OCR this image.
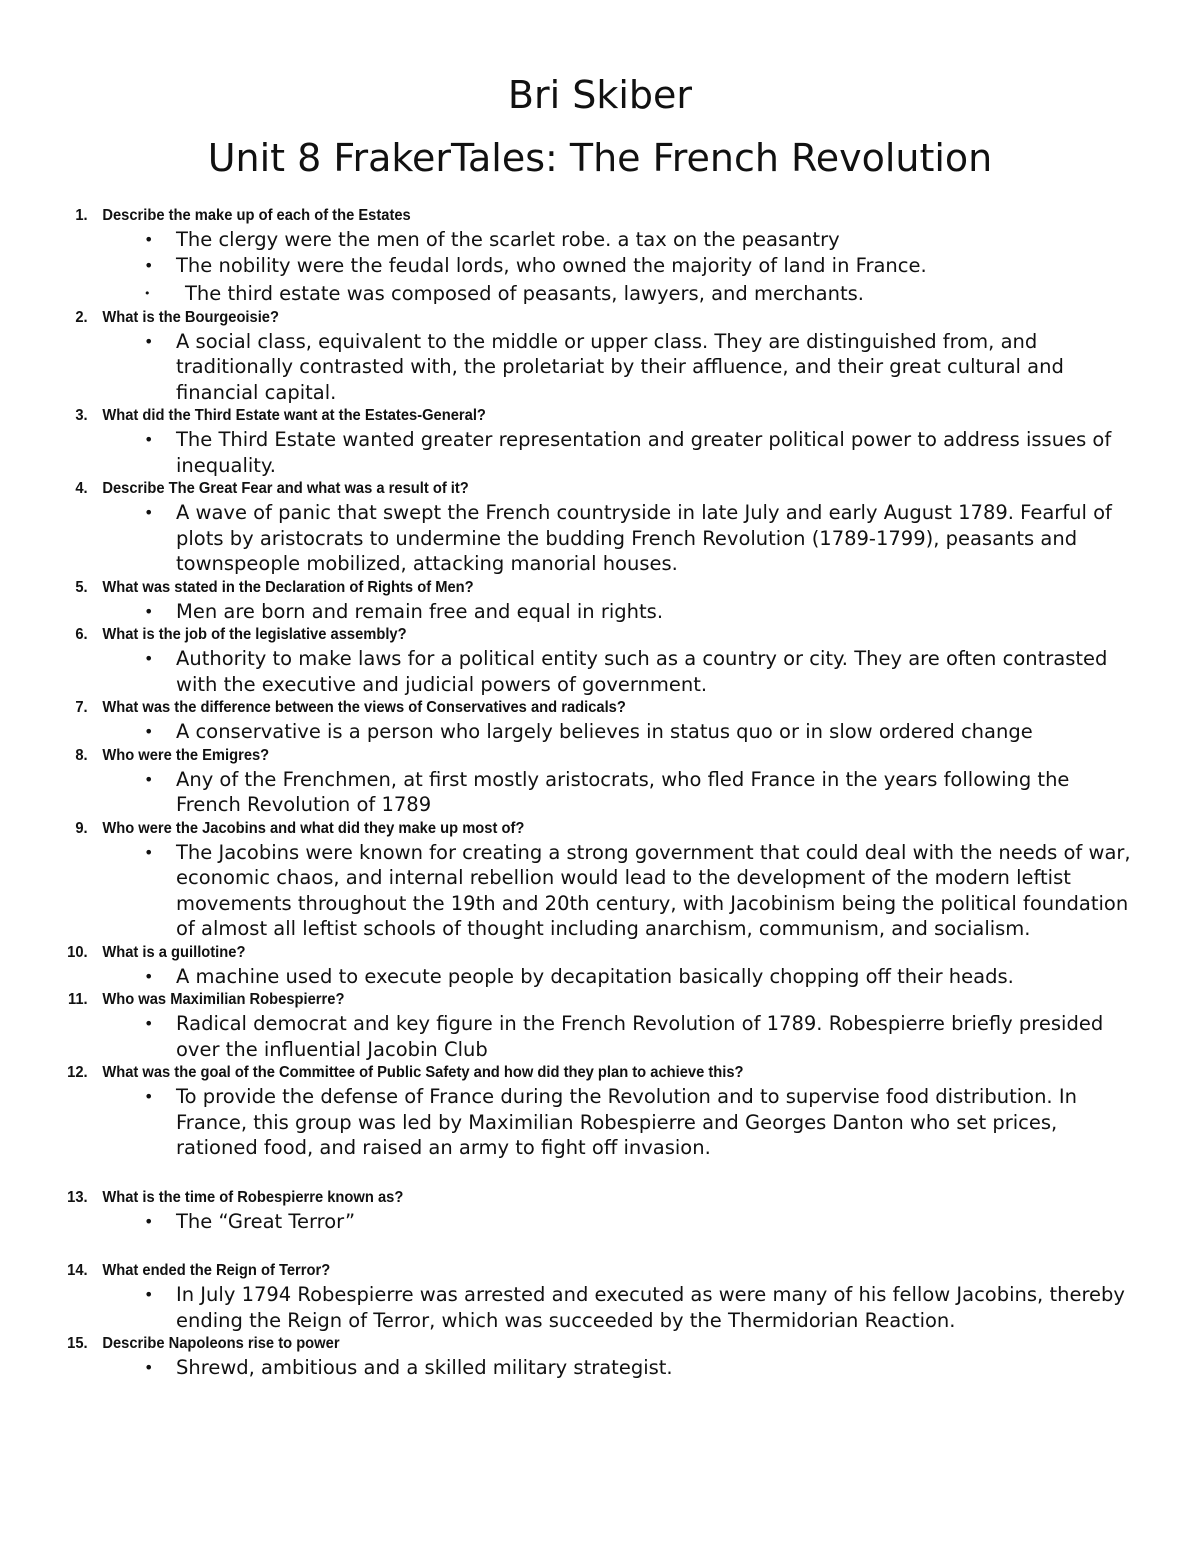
Bri Skiber
Unit 8 FrakerTales: The French Revolution
1. Describe the make up of each of the Estates
• The clergy were the men of the scarlet robe. a tax on the peasantry
• The nobility were the feudal lords, who owned the majority of land in France.
• The third estate was composed of peasants, lawyers, and merchants.
2. What is the Bourgeoisie?
• A social class, equivalent to the middle or upper class. They are distinguished from, and traditionally contrasted with, the proletariat by their affluence, and their great cultural and financial capital.
3. What did the Third Estate want at the Estates-General?
• The Third Estate wanted greater representation and greater political power to address issues of inequality.
4. Describe The Great Fear and what was a result of it?
• A wave of panic that swept the French countryside in late July and early August 1789. Fearful of plots by aristocrats to undermine the budding French Revolution (1789-1799), peasants and townspeople mobilized, attacking manorial houses.
5. What was stated in the Declaration of Rights of Men?
• Men are born and remain free and equal in rights.
6. What is the job of the legislative assembly?
• Authority to make laws for a political entity such as a country or city. They are often contrasted with the executive and judicial powers of government.
7. What was the difference between the views of Conservatives and radicals?
• A conservative is a person who largely believes in status quo or in slow ordered change
8. Who were the Emigres?
• Any of the Frenchmen, at first mostly aristocrats, who fled France in the years following the French Revolution of 1789
9. Who were the Jacobins and what did they make up most of?
• The Jacobins were known for creating a strong government that could deal with the needs of war, economic chaos, and internal rebellion would lead to the development of the modern leftist movements throughout the 19th and 20th century, with Jacobinism being the political foundation of almost all leftist schools of thought including anarchism, communism, and socialism.
10. What is a guillotine?
• A machine used to execute people by decapitation basically chopping off their heads.
11. Who was Maximilian Robespierre?
• Radical democrat and key figure in the French Revolution of 1789. Robespierre briefly presided over the influential Jacobin Club
12. What was the goal of the Committee of Public Safety and how did they plan to achieve this?
• To provide the defense of France during the Revolution and to supervise food distribution. In France, this group was led by Maximilian Robespierre and Georges Danton who set prices, rationed food, and raised an army to fight off invasion.
13. What is the time of Robespierre known as?
• The “Great Terror”
14. What ended the Reign of Terror?
• In July 1794 Robespierre was arrested and executed as were many of his fellow Jacobins, thereby ending the Reign of Terror, which was succeeded by the Thermidorian Reaction.
15. Describe Napoleons rise to power
• Shrewd, ambitious and a skilled military strategist.
